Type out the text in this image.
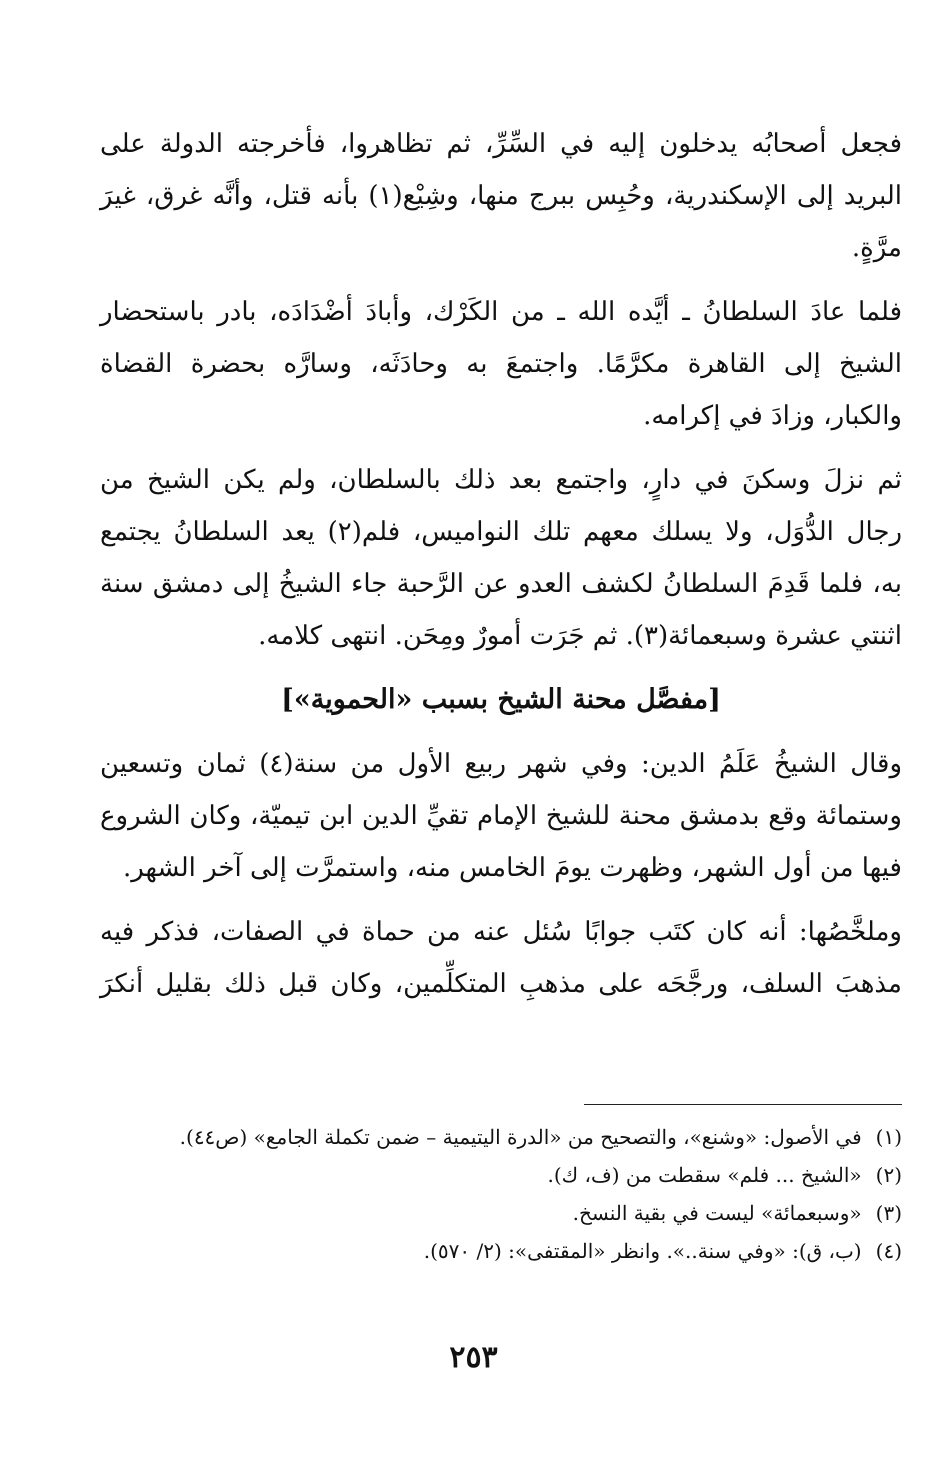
فجعل أصحابُه يدخلون إليه في السِّرِّ، ثم تظاهروا، فأخرجته الدولة على
البريد إلى الإسكندرية، وحُبِس ببرج منها، وشِيْع(١) بأنه قتل، وأنَّه غرق، غيرَ
مرَّةٍ.
فلما عادَ السلطانُ ـ أيَّده الله ـ من الكَرْك، وأبادَ أضْدَادَه، بادر باستحضار
الشيخ إلى القاهرة مكرَّمًا. واجتمعَ به وحادَثَه، وسارَّه بحضرة القضاة
والكبار، وزادَ في إكرامه.
ثم نزلَ وسكنَ في دارٍ، واجتمع بعد ذلك بالسلطان، ولم يكن الشيخ من
رجال الدُّوَل، ولا يسلك معهم تلك النواميس، فلم(٢) يعد السلطانُ يجتمع
به، فلما قَدِمَ السلطانُ لكشف العدو عن الرَّحبة جاء الشيخُ إلى دمشق سنة
اثنتي عشرة وسبعمائة(٣). ثم جَرَت أمورٌ ومِحَن. انتهى كلامه.
[مفصَّل محنة الشيخ بسبب «الحموية»]
وقال الشيخُ عَلَمُ الدين: وفي شهر ربيع الأول من سنة(٤) ثمان وتسعين
وستمائة وقع بدمشق محنة للشيخ الإمام تقيِّ الدين ابن تيميّة، وكان الشروع
فيها من أول الشهر، وظهرت يومَ الخامس منه، واستمرَّت إلى آخر الشهر.
وملخَّصُها: أنه كان كتَب جوابًا سُئل عنه من حماة في الصفات، فذكر فيه
مذهبَ السلف، ورجَّحَه على مذهبِ المتكلِّمين، وكان قبل ذلك بقليل أنكرَ
(١)في الأصول: «وشنع»، والتصحيح من «الدرة اليتيمية – ضمن تكملة الجامع» (ص٤٤).
(٢)«الشيخ ... فلم» سقطت من (ف، ك).
(٣)«وسبعمائة» ليست في بقية النسخ.
(٤)(ب، ق): «وفي سنة..». وانظر «المقتفى»: (٢/ ٥٧٠).
٢٥٣
